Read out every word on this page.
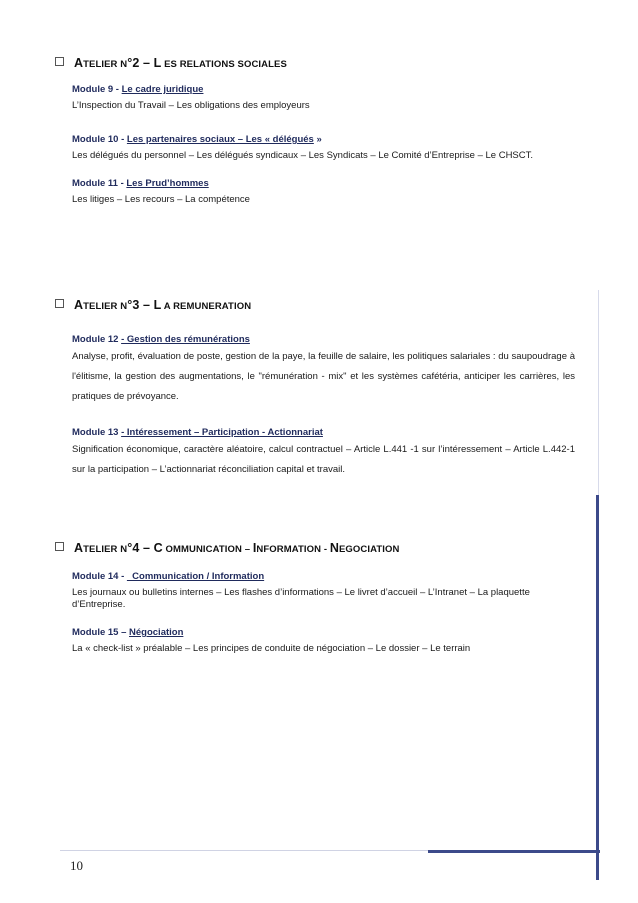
ATELIER N°2 – L ES RELATIONS SOCIALES
Module 9 - Le cadre juridique
L’Inspection du Travail – Les obligations des employeurs
Module 10 - Les partenaires sociaux – Les « délégués »
Les délégués du personnel – Les délégués syndicaux – Les Syndicats – Le Comité d’Entreprise – Le CHSCT.
Module 11 - Les Prud’hommes
Les litiges – Les recours – La compétence
ATELIER N°3 – L A REMUNERATION
Module 12 - Gestion des rémunérations
Analyse, profit, évaluation de poste, gestion de la paye, la feuille de salaire, les politiques salariales : du saupoudrage à l'élitisme, la gestion des augmentations, le "rémunération - mix" et les systèmes cafétéria, anticiper les carrières, les pratiques de prévoyance.
Module 13 - Intéressement – Participation - Actionnariat
Signification économique, caractère aléatoire, calcul contractuel – Article L.441 -1 sur l’intéressement – Article L.442-1 sur la participation – L’actionnariat réconciliation capital et travail.
ATELIER N°4 – C OMMUNICATION – INFORMATION - NEGOCIATION
Module 14 -   Communication / Information
Les journaux ou bulletins internes – Les flashes d’informations – Le livret d’accueil – L’Intranet – La plaquette d’Entreprise.
Module 15 – Négociation
La « check-list » préalable – Les principes de conduite de négociation – Le dossier – Le terrain
10
